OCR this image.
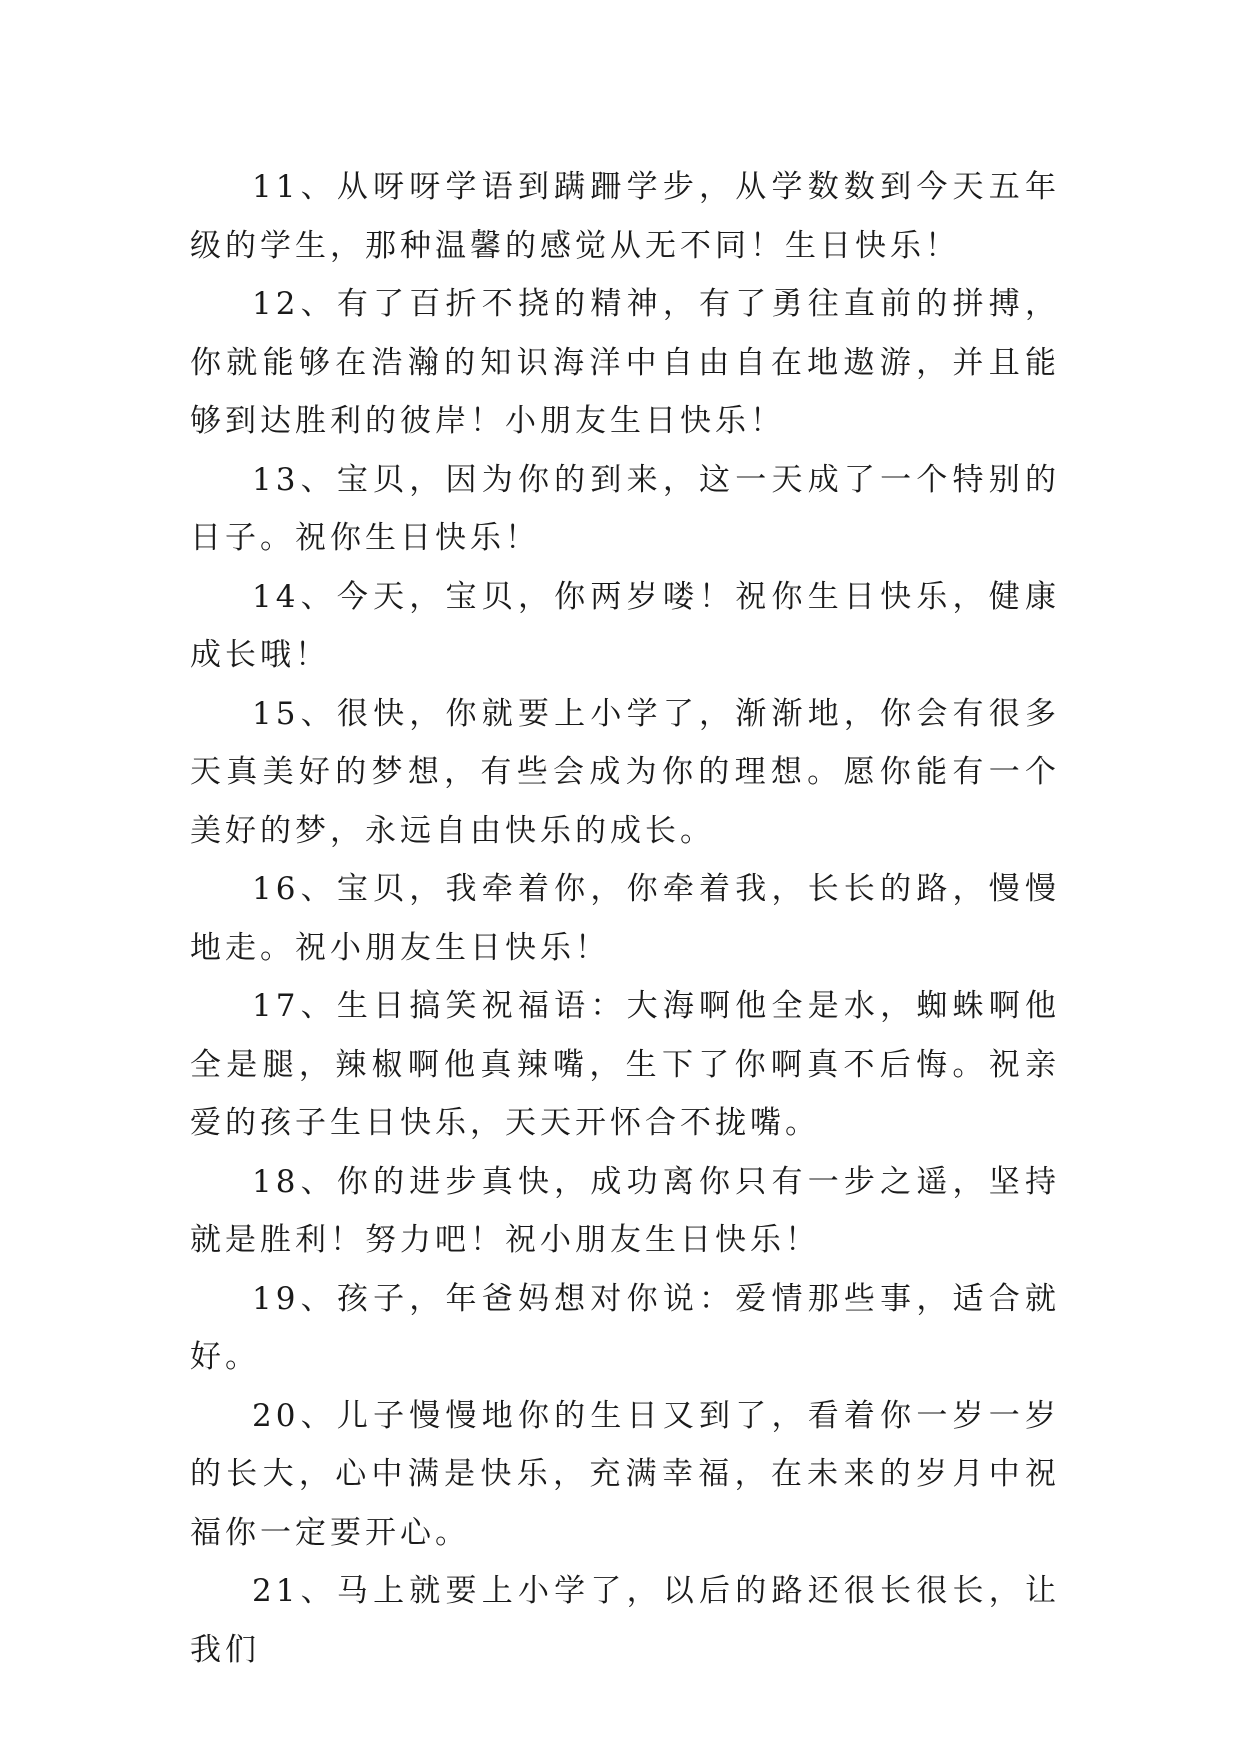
11、从呀呀学语到蹒跚学步，从学数数到今天五年级的学生，那种温馨的感觉从无不同！生日快乐！

12、有了百折不挠的精神，有了勇往直前的拼搏，你就能够在浩瀚的知识海洋中自由自在地遨游，并且能够到达胜利的彼岸！小朋友生日快乐！

13、宝贝，因为你的到来，这一天成了一个特别的日子。祝你生日快乐！

14、今天，宝贝，你两岁喽！祝你生日快乐，健康成长哦！

15、很快，你就要上小学了，渐渐地，你会有很多天真美好的梦想，有些会成为你的理想。愿你能有一个美好的梦，永远自由快乐的成长。

16、宝贝，我牵着你，你牵着我，长长的路，慢慢地走。祝小朋友生日快乐！

17、生日搞笑祝福语：大海啊他全是水，蜘蛛啊他全是腿，辣椒啊他真辣嘴，生下了你啊真不后悔。祝亲爱的孩子生日快乐，天天开怀合不拢嘴。

18、你的进步真快，成功离你只有一步之遥，坚持就是胜利！努力吧！祝小朋友生日快乐！

19、孩子，年爸妈想对你说：爱情那些事，适合就好。

20、儿子慢慢地你的生日又到了，看着你一岁一岁的长大，心中满是快乐，充满幸福，在未来的岁月中祝福你一定要开心。

21、马上就要上小学了，以后的路还很长很长，让我们
